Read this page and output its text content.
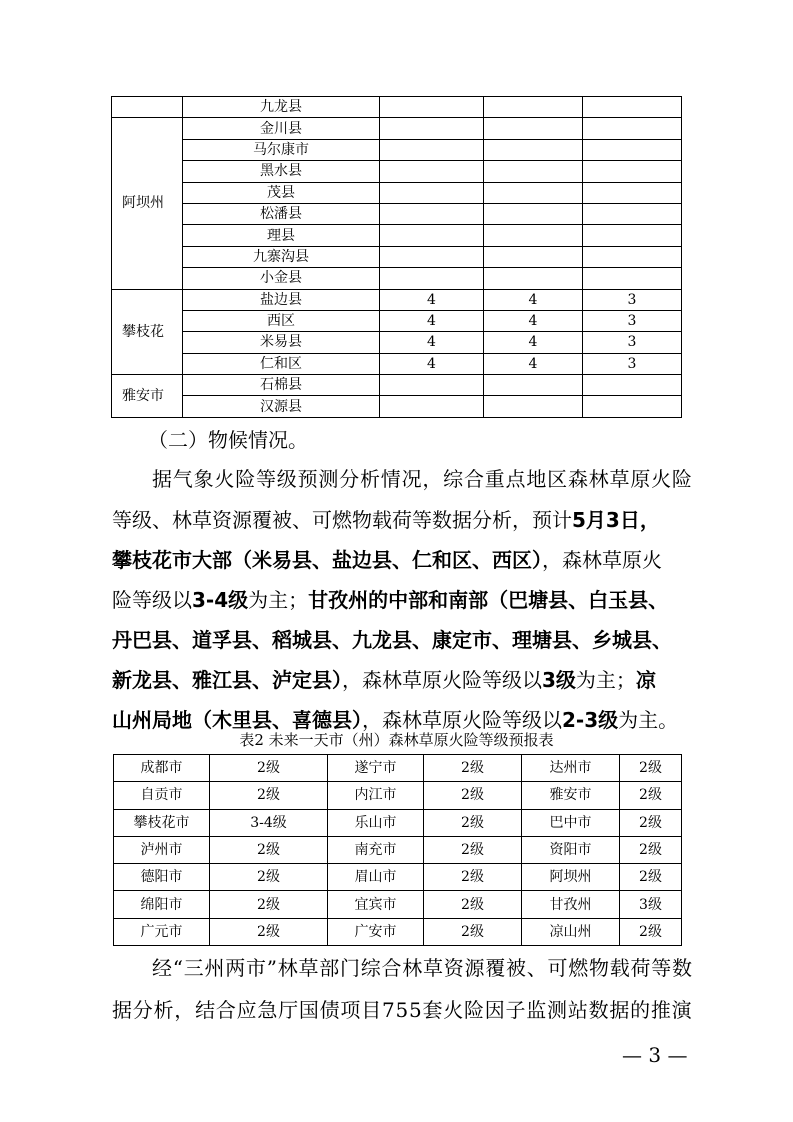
	九龙县			
阿坝州	金川县			
	马尔康市			
	黑水县			
	茂县			
	松潘县			
	理县			
	九寨沟县			
	小金县			
攀枝花	盐边县	4	4	3
	西区	4	4	3
	米易县	4	4	3
	仁和区	4	4	3
雅安市	石棉县			
	汉源县			
（二）物候情况。
据 气 象 火 险 等 级 预 测 分 析 情 况 ， 综 合 重 点 地 区 森 林 草 原 火 险
等级、林草资源覆被、可燃物载荷等数据分析，预计5月3日，
攀枝花市大部（米易县、盐边县、仁和区、西区），森林草原火
险等级以3-4级为主；甘孜州的中部和南部（巴塘县、白玉县、
丹巴县、道孚县、稻城县、九龙县、康定市、理塘县、乡城县、
新龙县、雅江县、泸定县），森林草原火险等级以3级为主；凉
山州局地（木里县、喜德县），森林草原火险等级以2-3级为主。
表2 未来一天市（州）森林草原火险等级预报表
成都市	2级	遂宁市	2级	达州市	2级
自贡市	2级	内江市	2级	雅安市	2级
攀枝花市	3-4级	乐山市	2级	巴中市	2级
泸州市	2级	南充市	2级	资阳市	2级
德阳市	2级	眉山市	2级	阿坝州	2级
绵阳市	2级	宜宾市	2级	甘孜州	3级
广元市	2级	广安市	2级	凉山州	2级
经 “ 三 州 两 市 ” 林 草 部 门 综 合 林 草 资 源 覆 被 、 可 燃 物 载 荷 等 数
据 分 析 ， 结 合 应 急 厅 国 债 项 目 7 5 5 套 火 险 因 子 监 测 站 数 据 的 推 演
— 3 —
